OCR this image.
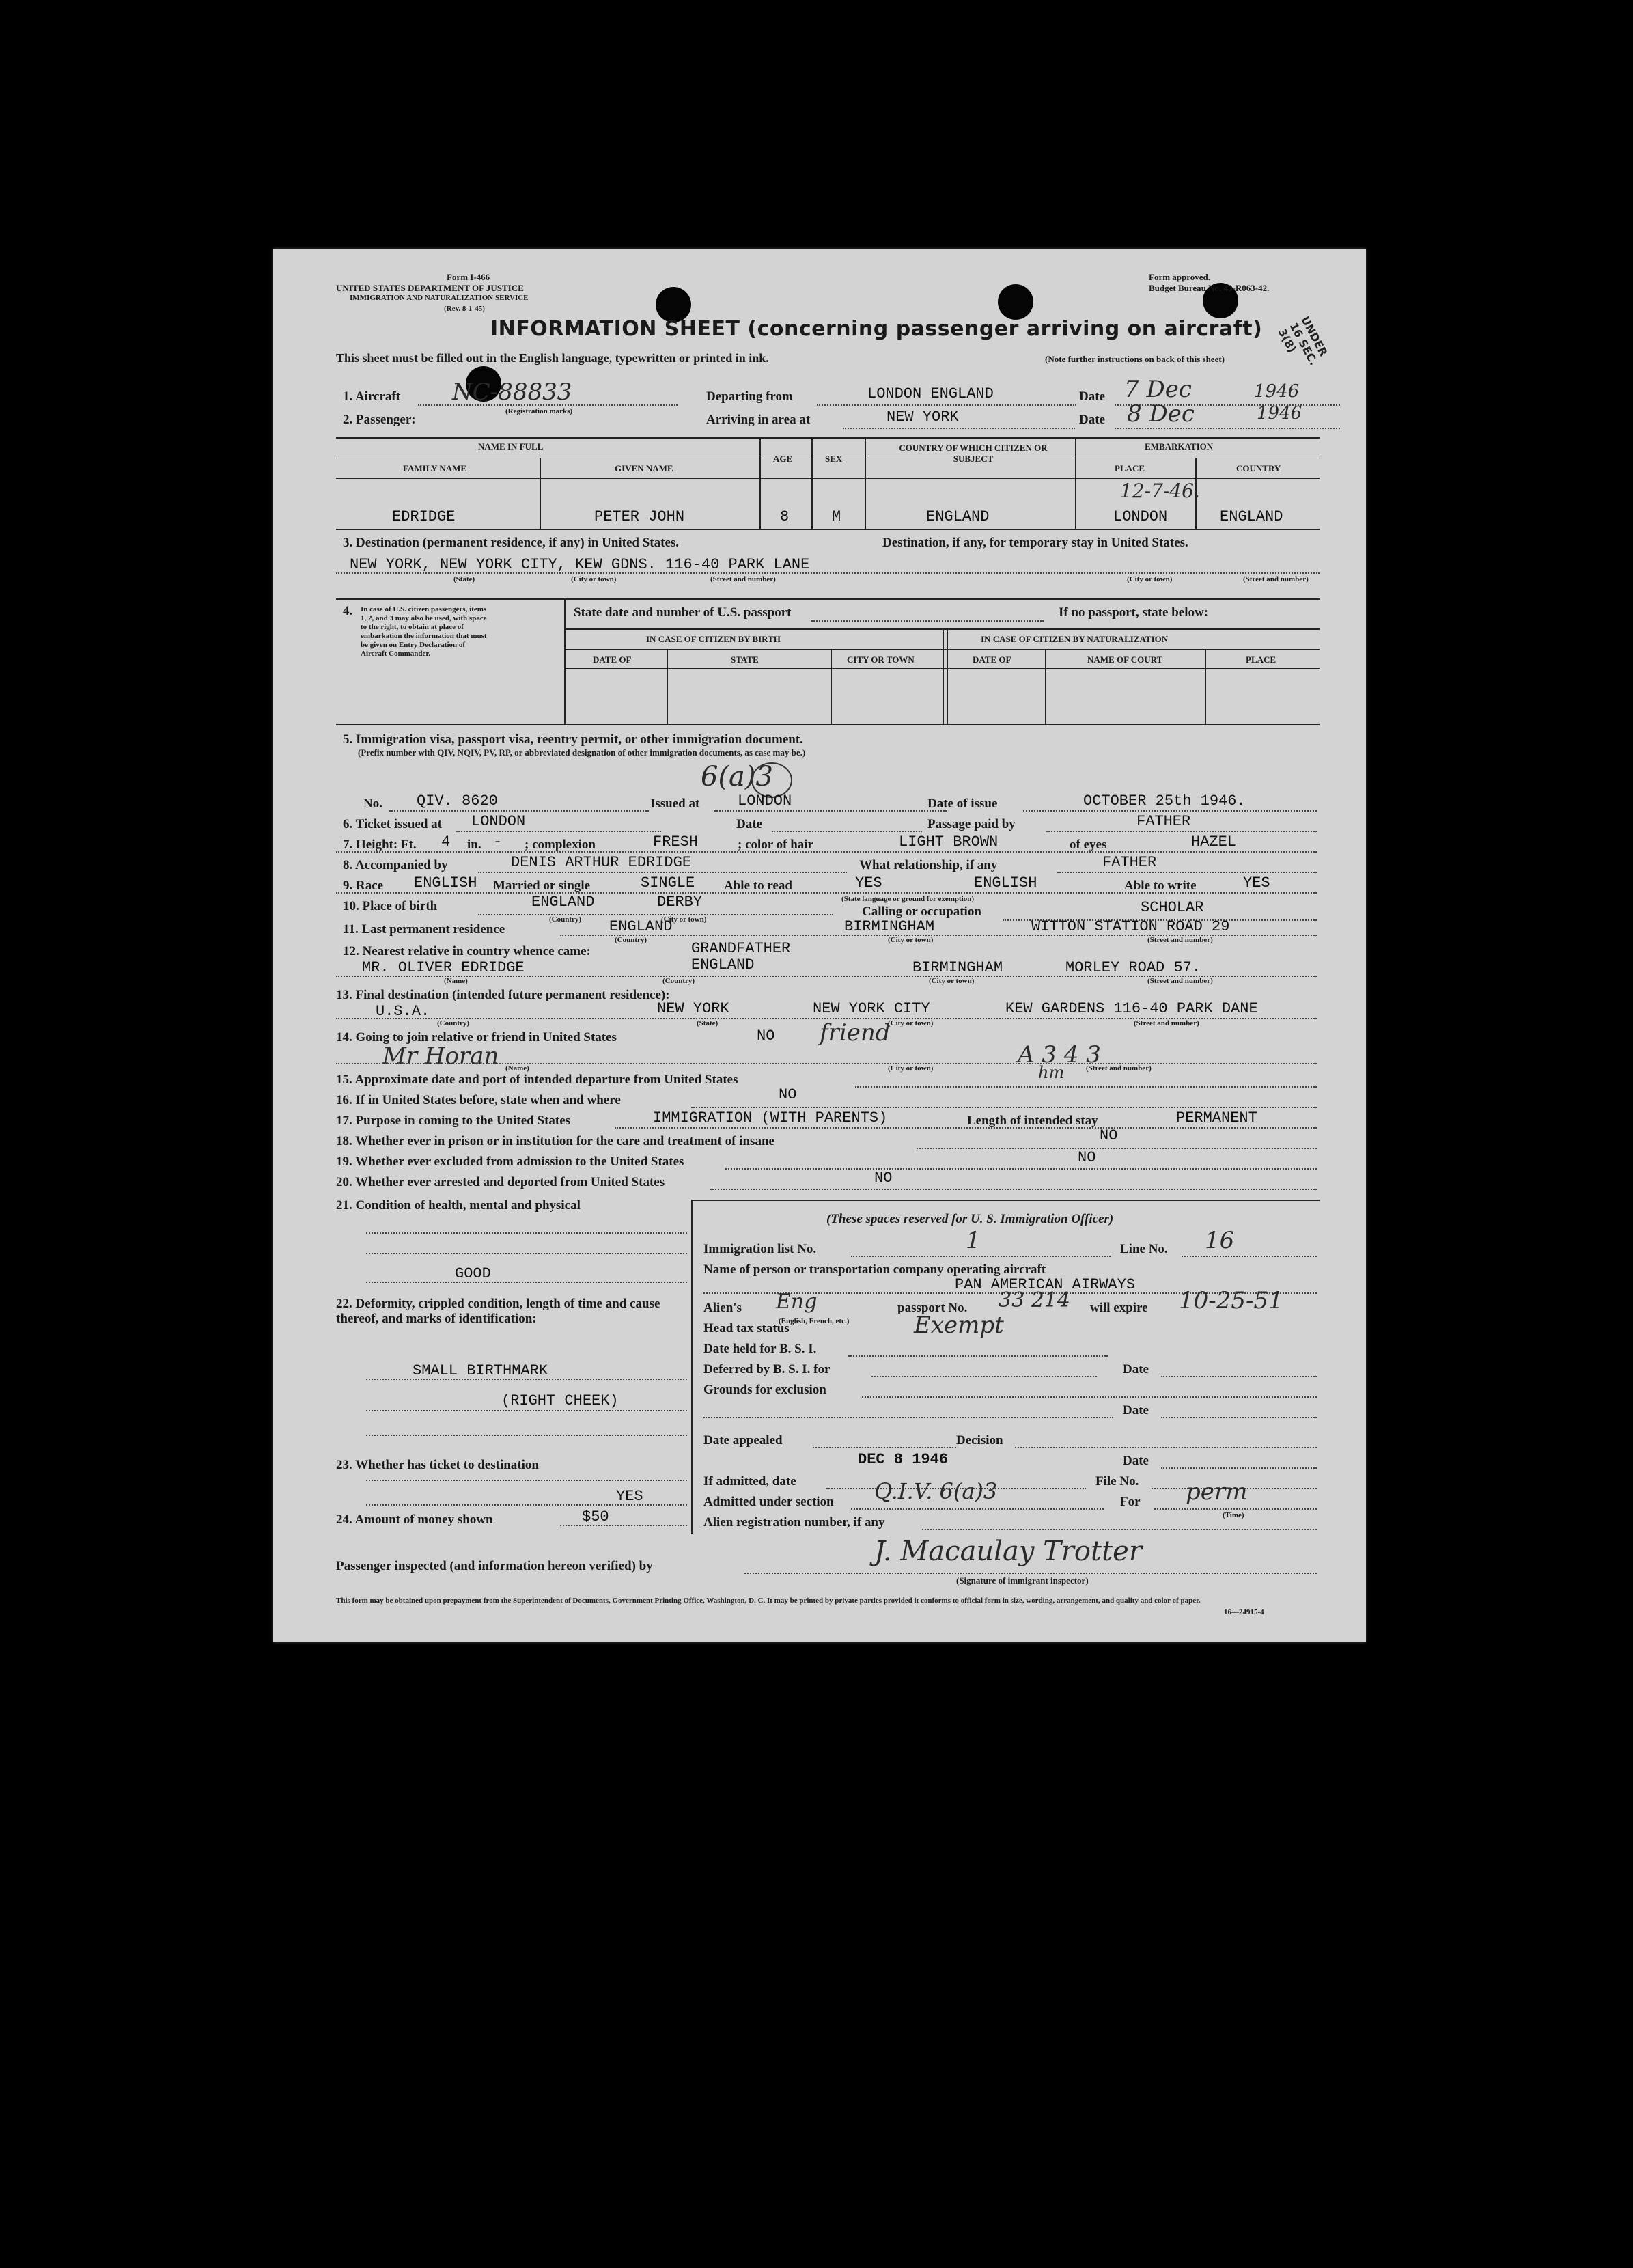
Form I-466
UNITED STATES DEPARTMENT OF JUSTICE
IMMIGRATION AND NATURALIZATION SERVICE
(Rev. 8-1-45)
Form approved.
Budget Bureau No. 43-R063-42.
UNDER 16 SEC. 3(8)
INFORMATION SHEET (concerning passenger arriving on aircraft)
This sheet must be filled out in the English language, typewritten or printed in ink.	(Note further instructions on back of this sheet)
1. Aircraft NC-88833
(Registration marks)
Departing from	LONDON ENGLAND	Date 7 Dec	1946
2. Passenger:	Arriving in area at	NEW YORK	Date 8 Dec	1946
NAME IN FULL
FAMILY NAME	GIVEN NAME
AGE	SEX
COUNTRY OF WHICH CITIZEN OR SUBJECT
EMBARKATION
PLACE	COUNTRY
EDRIDGE	PETER JOHN	8	M	ENGLAND
12-7-46.
LONDON	ENGLAND
3. Destination (permanent residence, if any) in United States.	Destination, if any, for temporary stay in United States.
NEW YORK, NEW YORK CITY, KEW GDNS. 116-40 PARK LANE
(State)	(City or town)	(Street and number)	(City or town)	(Street and number)
4. In case of U.S. citizen passengers, items 1, 2, and 3 may also be used, with space to the right, to obtain at place of embarkation the information that must be given on Entry Declaration of Aircraft Commander.
State date and number of U.S. passport	If no passport, state below:
IN CASE OF CITIZEN BY BIRTH	IN CASE OF CITIZEN BY NATURALIZATION
DATE OF	STATE	CITY OR TOWN	DATE OF	NAME OF COURT	PLACE
5. Immigration visa, passport visa, reentry permit, or other immigration document.
(Prefix number with QIV, NQIV, PV, RP, or abbreviated designation of other immigration documents, as case may be.)
6(a)3
No. QIV. 8620	Issued at	LONDON	Date of issue	OCTOBER 25th 1946.
6. Ticket issued at LONDON	Date	Passage paid by	FATHER
7. Height: Ft. 4 in. - ; complexion	FRESH	; color of hair	LIGHT BROWN	of eyes	HAZEL
8. Accompanied by	DENIS ARTHUR EDRIDGE	What relationship, if any	FATHER
9. Race ENGLISH Married or single	SINGLE Able to read	YES	ENGLISH	Able to write	YES
(State language or ground for exemption)
10. Place of birth	ENGLAND	DERBY
Calling or occupation	SCHOLAR
(Country)	(City or town)
11. Last permanent residence	ENGLAND	BIRMINGHAM	WITTON STATION ROAD 29
(Country)	(City or town)	(Street and number)
12. Nearest relative in country whence came:	GRANDFATHER
MR. OLIVER EDRIDGE	ENGLAND	BIRMINGHAM	MORLEY ROAD 57.
(Name)	(Country)	(City or town)	(Street and number)
13. Final destination (intended future permanent residence):
U.S.A.	NEW YORK	NEW YORK CITY	KEW GARDENS 116-40 PARK DANE
(Country)	(State)	(City or town)	(Street and number)
14. Going to join relative or friend in United States	NO friend
Mr Horan	A 3 4 3
(Name)	(City or town)	(Street and number)
15. Approximate date and port of intended departure from United States	hm
16. If in United States before, state when and where	NO
17. Purpose in coming to the United States	IMMIGRATION (WITH PARENTS)	Length of intended stay	PERMANENT
18. Whether ever in prison or in institution for the care and treatment of insane	NO
19. Whether ever excluded from admission to the United States	NO
20. Whether ever arrested and deported from United States	NO
21. Condition of health, mental and physical
GOOD
22. Deformity, crippled condition, length of time and cause thereof, and marks of identification:
SMALL BIRTHMARK
(RIGHT CHEEK)
23. Whether has ticket to destination
YES
24. Amount of money shown	$50
(These spaces reserved for U. S. Immigration Officer)
Immigration list No.	1	Line No. 16
Name of person or transportation company operating aircraft
PAN AMERICAN AIRWAYS
Alien's Eng	passport No. 33 214 will expire 10-25-51
(English, French, etc.)
Head tax status	Exempt
Date held for B. S. I.
Deferred by B. S. I. for	Date
Grounds for exclusion
Date
Date appealed	Decision
Date
DEC 8 1946
If admitted, date	File No.
Admitted under section Q.I.V. 6(a)3	For perm
(Time)
Alien registration number, if any
Passenger inspected (and information hereon verified) by	J. Macaulay Trotter
(Signature of immigrant inspector)
This form may be obtained upon prepayment from the Superintendent of Documents, Government Printing Office, Washington, D. C. It may be printed by private parties provided it conforms to official form in size, wording, arrangement, and quality and color of paper.
16—24915-4
